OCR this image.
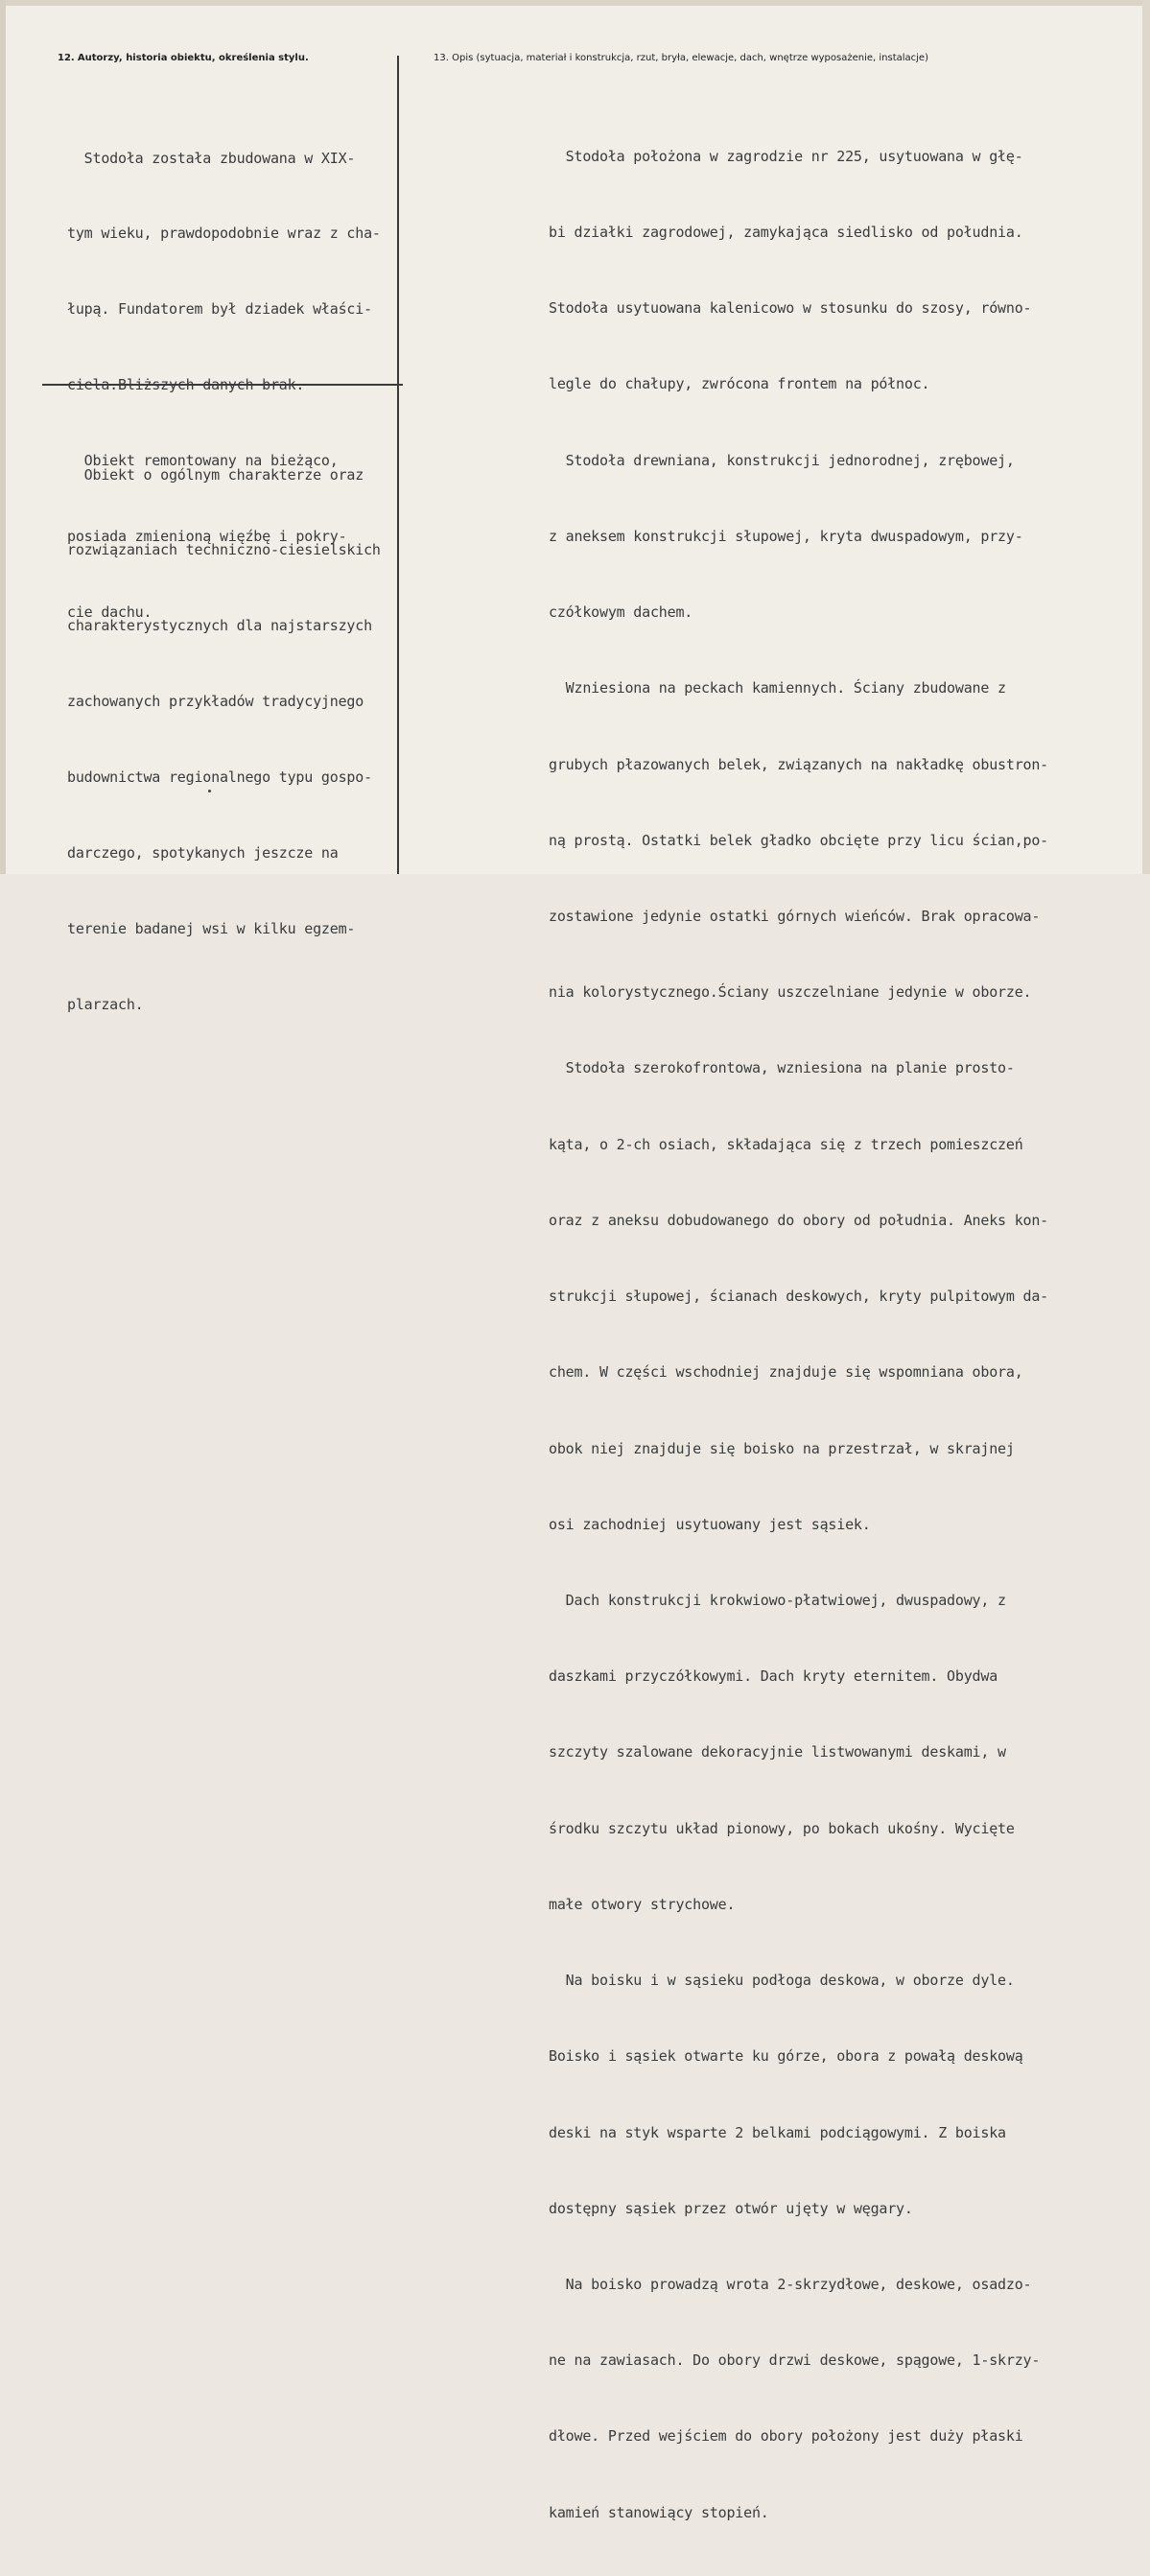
12. Autorzy, historia obiektu, określenia stylu.	13. Opis (sytuacja, materiał i konstrukcja, rzut, bryła, elewacje, dach, wnętrze wyposażenie, instalacje)

Stodoła została zbudowana w XIX-

tym wieku, prawdopodobnie wraz z cha-

łupą. Fundatorem był dziadek właści-

ciela.Bliższych danych brak.

Obiekt remontowany na bieżąco,

posiada zmienioną więźbę i pokry-

cie dachu.

Obiekt o ogólnym charakterze oraz

rozwiązaniach techniczno-ciesielskich

charakterystycznych dla najstarszych

zachowanych przykładów tradycyjnego

budownictwa regionalnego typu gospo-

darczego, spotykanych jeszcze na

terenie badanej wsi w kilku egzem-

plarzach.

Stodoła położona w zagrodzie nr 225, usytuowana w głę-

bi działki zagrodowej, zamykająca siedlisko od południa.

Stodoła usytuowana kalenicowo w stosunku do szosy, równo-

legle do chałupy, zwrócona frontem na północ.

Stodoła drewniana, konstrukcji jednorodnej, zrębowej,

z aneksem konstrukcji słupowej, kryta dwuspadowym, przy-

czółkowym dachem.

Wzniesiona na peckach kamiennych. Ściany zbudowane z

grubych płazowanych belek, związanych na nakładkę obustron-

ną prostą. Ostatki belek gładko obcięte przy licu ścian,po-

zostawione jedynie ostatki górnych wieńców. Brak opracowa-

nia kolorystycznego.Ściany uszczelniane jedynie w oborze.

Stodoła szerokofrontowa, wzniesiona na planie prosto-

kąta, o 2-ch osiach, składająca się z trzech pomieszczeń

oraz z aneksu dobudowanego do obory od południa. Aneks kon-

strukcji słupowej, ścianach deskowych, kryty pulpitowym da-

chem. W części wschodniej znajduje się wspomniana obora,

obok niej znajduje się boisko na przestrzał, w skrajnej

osi zachodniej usytuowany jest sąsiek.

Dach konstrukcji krokwiowo-płatwiowej, dwuspadowy, z

daszkami przyczółkowymi. Dach kryty eternitem. Obydwa

szczyty szalowane dekoracyjnie listwowanymi deskami, w

środku szczytu układ pionowy, po bokach ukośny. Wycięte

małe otwory strychowe.

Na boisku i w sąsieku podłoga deskowa, w oborze dyle.

Boisko i sąsiek otwarte ku górze, obora z powałą deskową

deski na styk wsparte 2 belkami podciągowymi. Z boiska

dostępny sąsiek przez otwór ujęty w węgary.

Na boisko prowadzą wrota 2-skrzydłowe, deskowe, osadzo-

ne na zawiasach. Do obory drzwi deskowe, spągowe, 1-skrzy-

dłowe. Przed wejściem do obory położony jest duży płaski

kamień stanowiący stopień.
